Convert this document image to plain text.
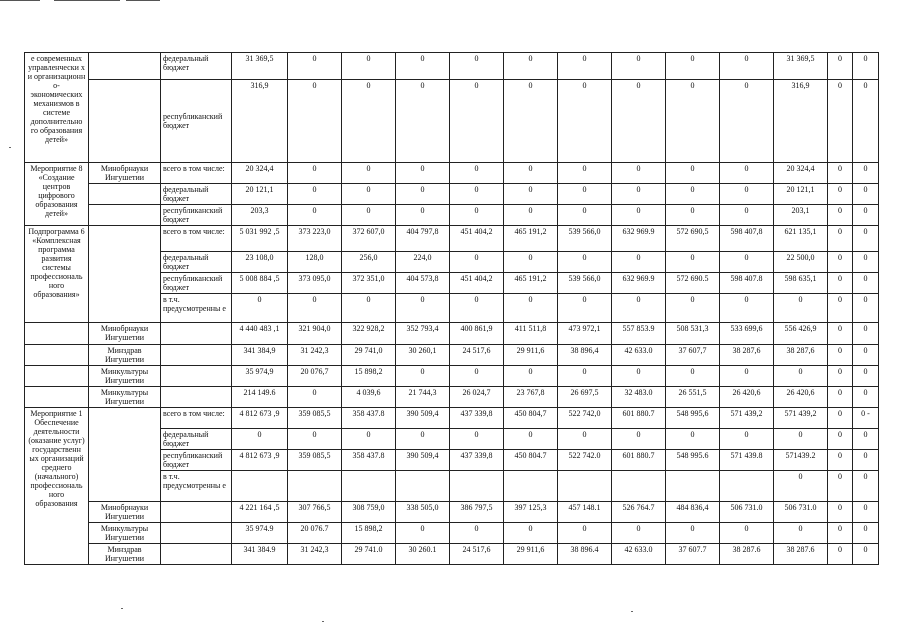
е современных управленчески х и организационн о- экономических механизмов в системе дополнительно го образования детей»		федеральный бюджет	31 369,5	0	0	0	0	0	0	0	0	0	31 369,5	0	0
		республиканский бюджет	316,9	0	0	0	0	0	0	0	0	0	316,9	0	0
Мероприятие 8 «Создание центров цифрового образования детей»	Минобрнауки Ингушетии	всего в том числе:	20 324,4	0	0	0	0	0	0	0	0	0	20 324,4	0	0
		федеральный бюджет	20 121,1	0	0	0	0	0	0	0	0	0	20 121,1	0	0
		республиканский бюджет	203,3	0	0	0	0	0	0	0	0	0	203,1	0	0
Подпрограмма 6 «Комплексная программа развития системы профессиональ ного образования»		всего в том числе:	5 031 992 ,5	373 223,0	372 607,0	404 797,8	451 404,2	465 191,2	539 566,0	632 969.9	572 690,5	598 407,8	621 135,1	0	0
		федеральный бюджет	23 108,0	128,0	256,0	224,0	0	0	0	0	0	0	22 500,0	0	0
		республиканский бюджет	5 008 884 ,5	373 095,0	372 351,0	404 573,8	451 404,2	465 191,2	539 566,0	632 969.9	572 690.5	598 407.8	598 635,1	0	0
		в т.ч. предусмотренны е	0	0	0	0	0	0	0	0	0	0	0	0	0
	Минобрнауки Ингушетии		4 440 483 ,1	321 904,0	322 928,2	352 793,4	400 861,9	411 511,8	473 972,1	557 853.9	508 531,3	533 699,6	556 426,9	0	0
	Минздрав Ингушетии		341 384,9	31 242,3	29 741,0	30 260,1	24 517,6	29 911,6	38 896,4	42 633.0	37 607,7	38 287,6	38 287,6	0	0
	Минкультуры Ингушетии		35 974,9	20 076,7	15 898,2	0	0	0	0	0	0	0	0	0	0
	Минкультуры Ингушетии		214 149.6	0	4 039,6	21 744,3	26 024,7	23 767,8	26 697,5	32 483.0	26 551,5	26 420,6	26 420,6	0	0
Мероприятие 1 Обеспечение деятельности (оказание услуг) государственн ых организаций среднего (начального) профессиональ ного образования		всего в том числе:	4 812 673 ,9	359 085,5	358 437.8	390 509,4	437 339,8	450 804,7	522 742,0	601 880.7	548 995,6	571 439,2	571 439,2	0	0 -
		федеральный бюджет	0	0	0	0	0	0	0	0	0	0	0	0	0
		республиканский бюджет	4 812 673 ,9	359 085,5	358 437.8	390 509,4	437 339,8	450 804.7	522 742.0	601 880.7	548 995.6	571 439.8	571439.2	0	0
		в т.ч. предусмотренны е											0	0	0
	Минобрнауки Ингушетии		4 221 164 ,5	307 766,5	308 759,0	338 505,0	386 797,5	397 125,3	457 148.1	526 764.7	484 836,4	506 731.0	506 731.0	0	0
	Минкультуры Ингушетии		35 974.9	20 076.7	15 898,2	0	0	0	0	0	0	0	0	0	0
	Минздрав Ингушетии		341 384.9	31 242,3	29 741.0	30 260.1	24 517,6	29 911,6	38 896.4	42 633.0	37 607.7	38 287.6	38 287.6	0	0
